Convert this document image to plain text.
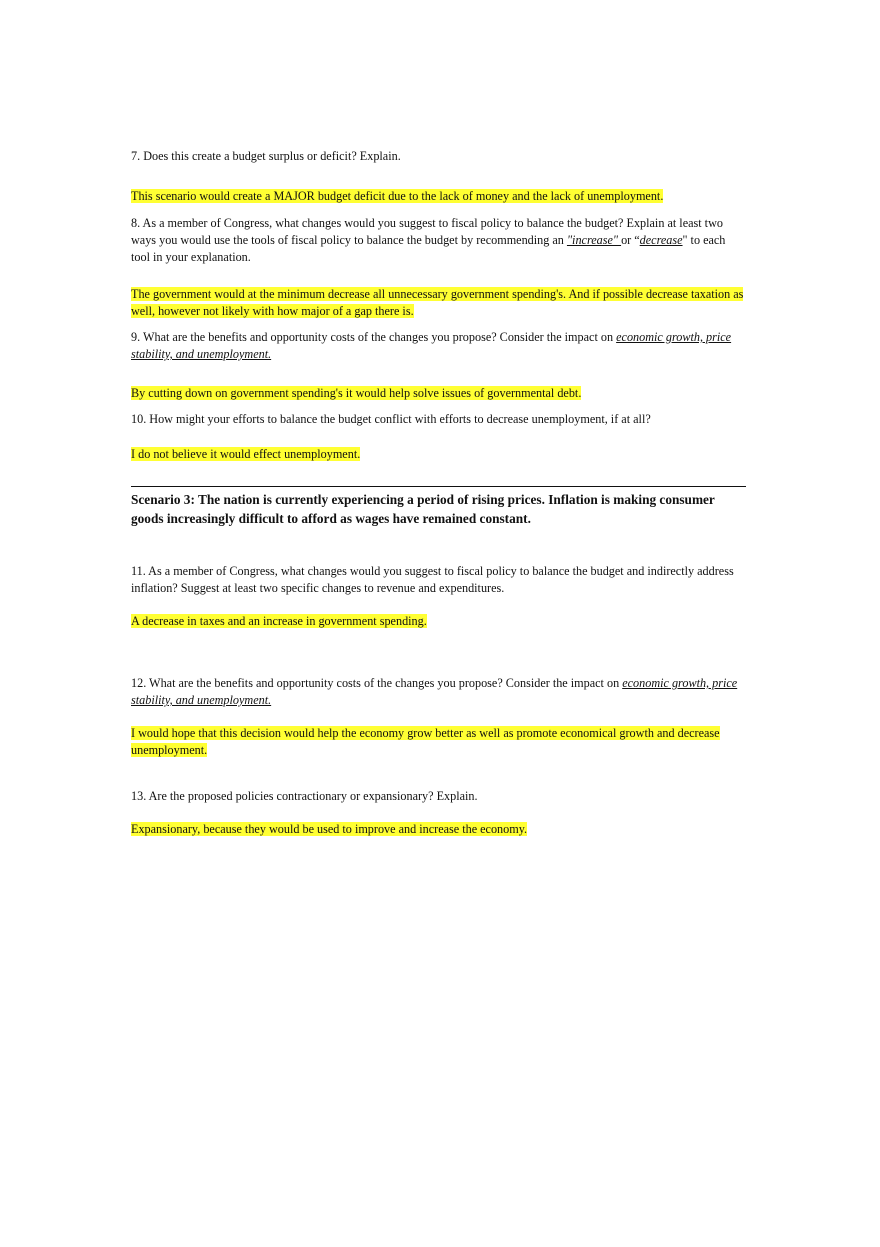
7. Does this create a budget surplus or deficit? Explain.

This scenario would create a MAJOR budget deficit due to the lack of money and the lack of unemployment.

8. As a member of Congress, what changes would you suggest to fiscal policy to balance the budget? Explain at least two ways you would use the tools of fiscal policy to balance the budget by recommending an "increase" or “decrease" to each tool in your explanation.

The government would at the minimum decrease all unnecessary government spending's. And if possible decrease taxation as well, however not likely with how major of a gap there is.

9. What are the benefits and opportunity costs of the changes you propose? Consider the impact on economic growth, price stability, and unemployment.

By cutting down on government spending's it would help solve issues of governmental debt.

10. How might your efforts to balance the budget conflict with efforts to decrease unemployment, if at all?

I do not believe it would effect unemployment.

Scenario 3: The nation is currently experiencing a period of rising prices. Inflation is making consumer goods increasingly difficult to afford as wages have remained constant.

11. As a member of Congress, what changes would you suggest to fiscal policy to balance the budget and indirectly address inflation? Suggest at least two specific changes to revenue and expenditures.

A decrease in taxes and an increase in government spending.

12. What are the benefits and opportunity costs of the changes you propose? Consider the impact on economic growth, price stability, and unemployment.

I would hope that this decision would help the economy grow better as well as promote economical growth and decrease unemployment.

13. Are the proposed policies contractionary or expansionary? Explain.

Expansionary, because they would be used to improve and increase the economy.
